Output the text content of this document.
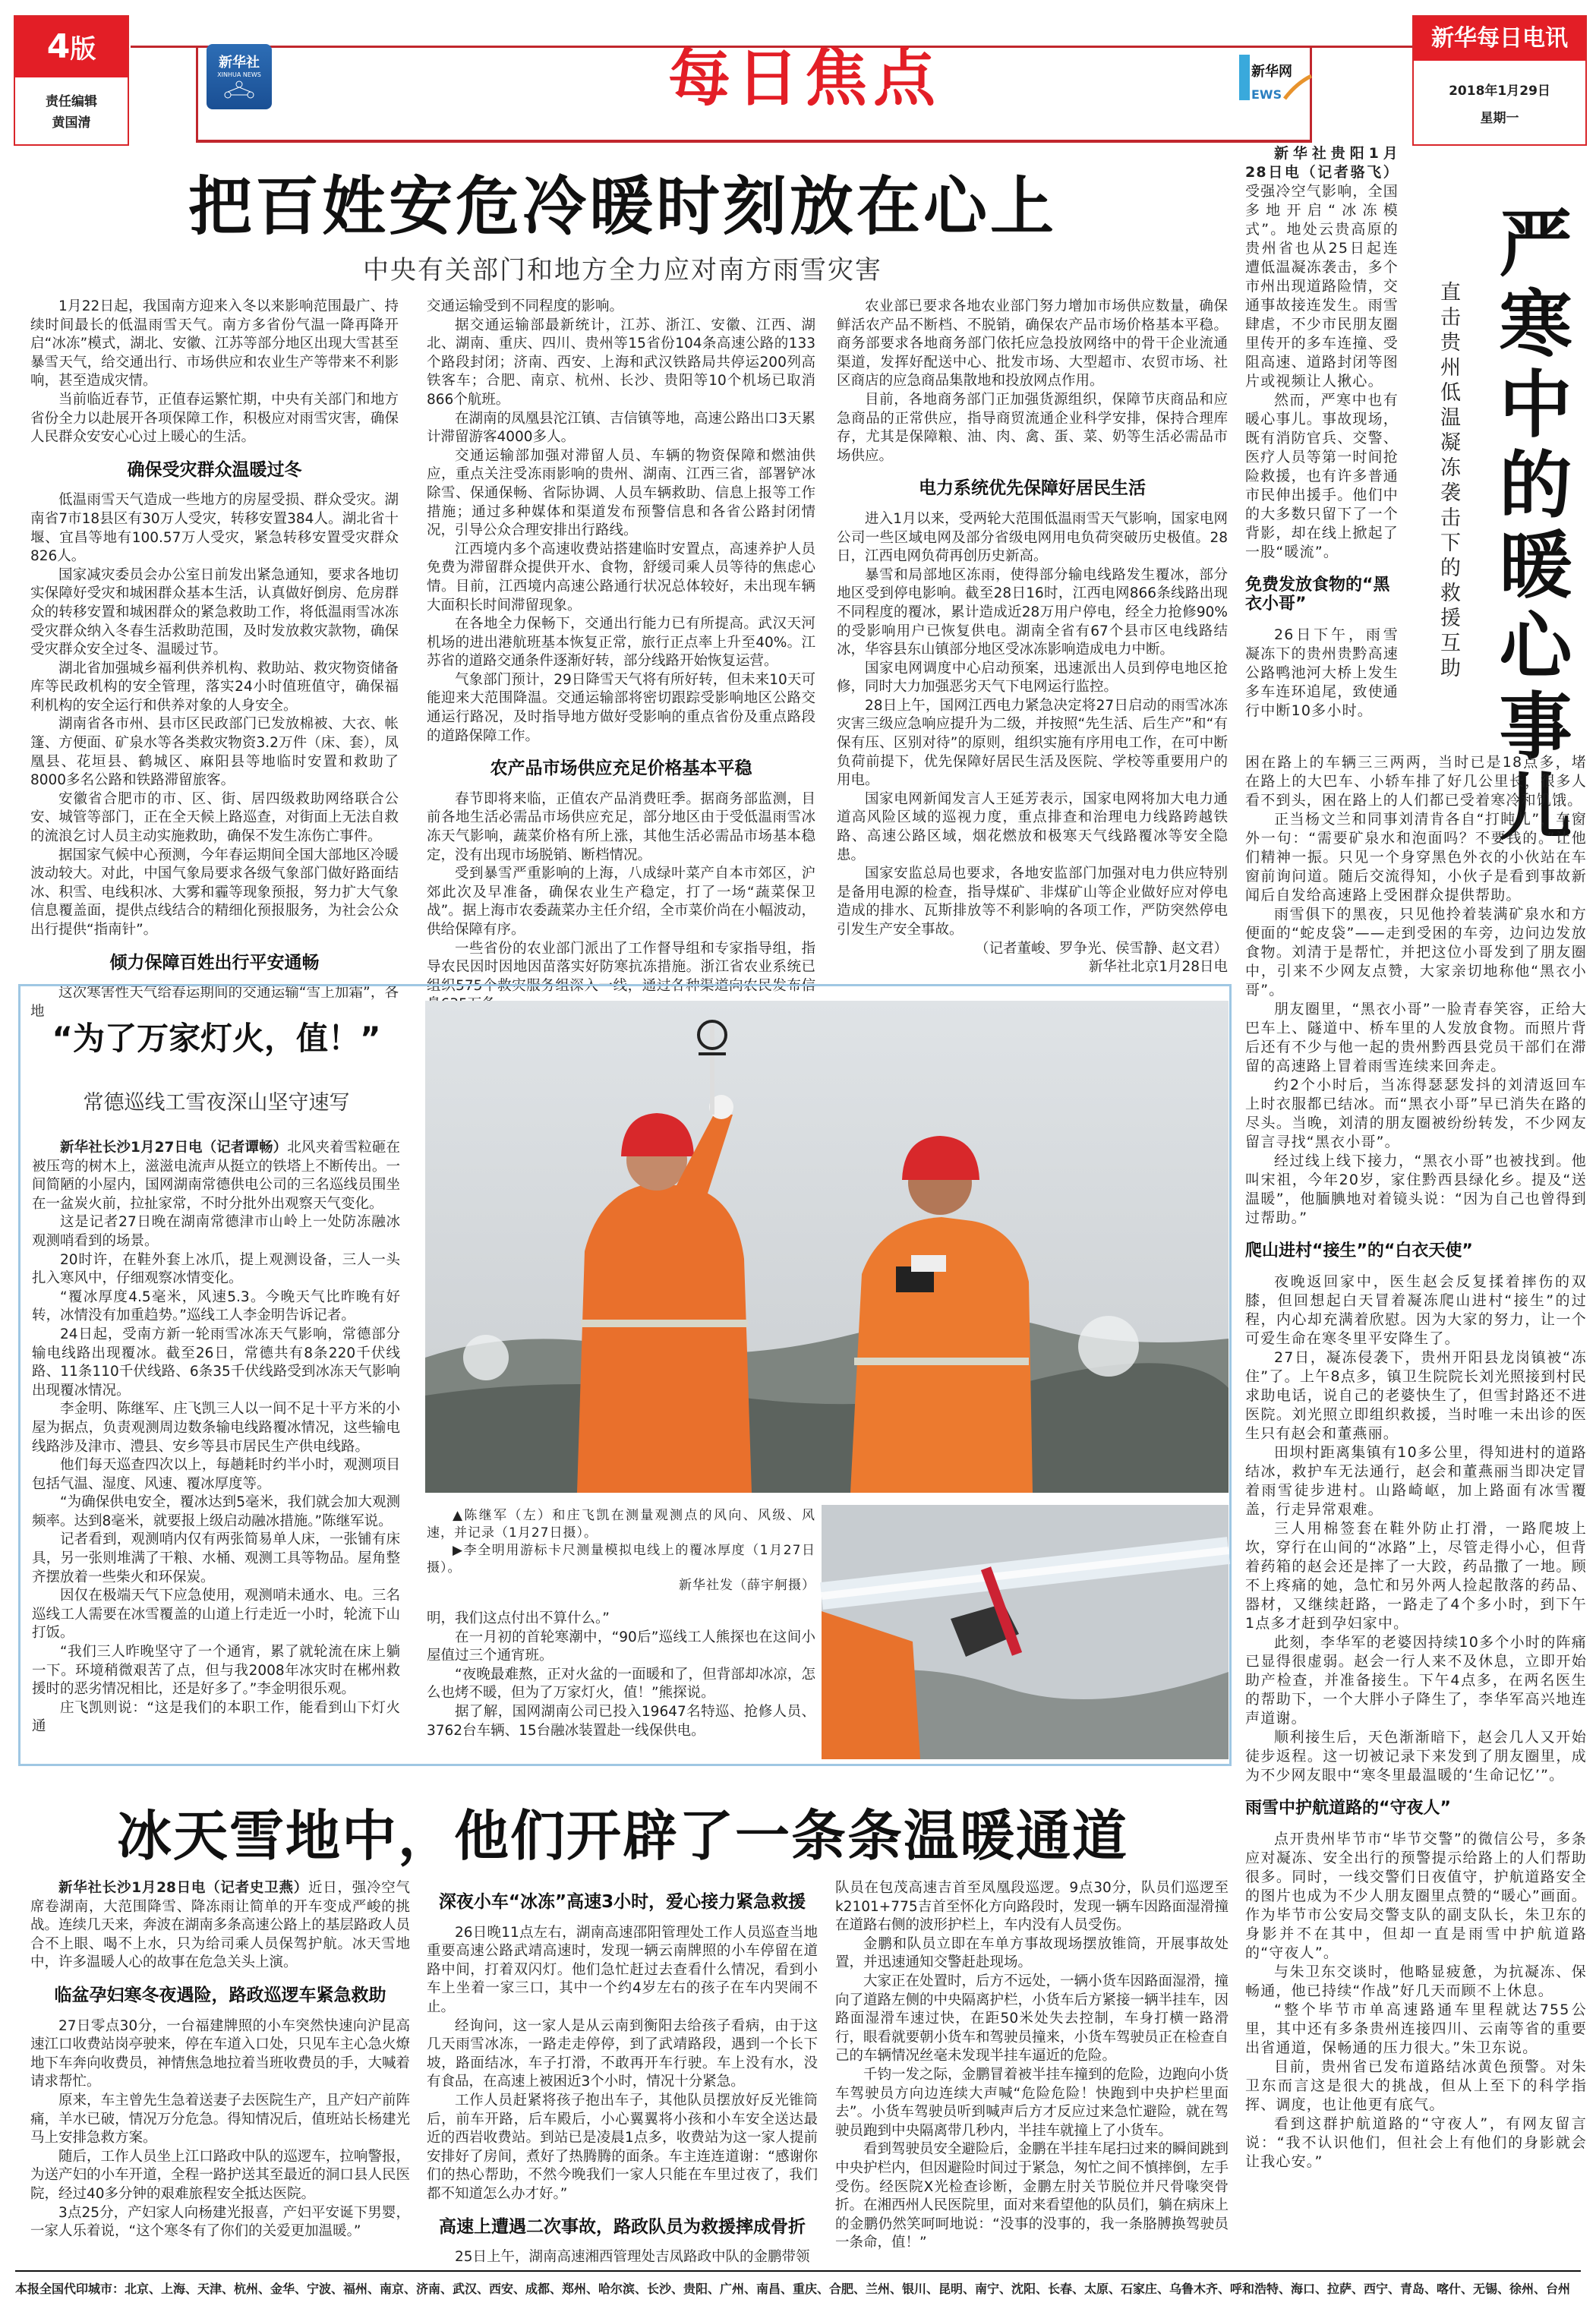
4版
责任编辑
黄国清
新华社
XINHUA NEWS	每日焦点	新华网
EWS
新华每日电讯
2018年1月29日
星期一
把百姓安危冷暖时刻放在心上
中央有关部门和地方全力应对南方雨雪灾害

1月22日起，我国南方迎来入冬以来影响范围最广、持续时间最长的低温雨雪天气。南方多省份气温一降再降开启“冰冻”模式，湖北、安徽、江苏等部分地区出现大雪甚至暴雪天气，给交通出行、市场供应和农业生产等带来不利影响，甚至造成灾情。

当前临近春节，正值春运繁忙期，中央有关部门和地方省份全力以赴展开各项保障工作，积极应对雨雪灾害，确保人民群众安安心心过上暖心的生活。

确保受灾群众温暖过冬

低温雨雪天气造成一些地方的房屋受损、群众受灾。湖南省7市18县区有30万人受灾，转移安置384人。湖北省十堰、宜昌等地有100.57万人受灾，紧急转移安置受灾群众826人。

国家减灾委员会办公室日前发出紧急通知，要求各地切实保障好受灾和城困群众基本生活，认真做好倒房、危房群众的转移安置和城困群众的紧急救助工作，将低温雨雪冰冻受灾群众纳入冬春生活救助范围，及时发放救灾款物，确保受灾群众安全过冬、温暖过节。

湖北省加强城乡福利供养机构、救助站、救灾物资储备库等民政机构的安全管理，落实24小时值班值守，确保福利机构的安全运行和供养对象的人身安全。

湖南省各市州、县市区民政部门已发放棉被、大衣、帐篷、方便面、矿泉水等各类救灾物资3.2万件（床、套），凤凰县、花垣县、鹤城区、麻阳县等地临时安置和救助了8000多名公路和铁路滞留旅客。

安徽省合肥市的市、区、街、居四级救助网络联合公安、城管等部门，正在全天候上路巡查，对街面上无法自救的流浪乞讨人员主动实施救助，确保不发生冻伤亡事件。

据国家气候中心预测，今年春运期间全国大部地区冷暖波动较大。对此，中国气象局要求各级气象部门做好路面结冰、积雪、电线积冰、大雾和霾等现象预报，努力扩大气象信息覆盖面，提供点线结合的精细化预报服务，为社会公众出行提供“指南针”。

倾力保障百姓出行平安通畅

这次寒害性天气给春运期间的交通运输“雪上加霜”，各地

交通运输受到不同程度的影响。

据交通运输部最新统计，江苏、浙江、安徽、江西、湖北、湖南、重庆、四川、贵州等15省份104条高速公路的133个路段封闭；济南、西安、上海和武汉铁路局共停运200列高铁客车；合肥、南京、杭州、长沙、贵阳等10个机场已取消866个航班。

在湖南的凤凰县沱江镇、吉信镇等地，高速公路出口3天累计滞留游客4000多人。

交通运输部加强对滞留人员、车辆的物资保障和燃油供应，重点关注受冻雨影响的贵州、湖南、江西三省，部署铲冰除雪、保通保畅、省际协调、人员车辆救助、信息上报等工作措施；通过多种媒体和渠道发布预警信息和各省公路封闭情况，引导公众合理安排出行路线。

江西境内多个高速收费站搭建临时安置点，高速养护人员免费为滞留群众提供开水、食物，舒缓司乘人员等待的焦虑心情。目前，江西境内高速公路通行状况总体较好，未出现车辆大面积长时间滞留现象。

在各地全力保畅下，交通出行能力已有所提高。武汉天河机场的进出港航班基本恢复正常，旅行正点率上升至40%。江苏省的道路交通条件逐渐好转，部分线路开始恢复运营。

气象部门预计，29日降雪天气将有所好转，但未来10天可能迎来大范围降温。交通运输部将密切跟踪受影响地区公路交通运行路况，及时指导地方做好受影响的重点省份及重点路段的道路保障工作。

农产品市场供应充足价格基本平稳

春节即将来临，正值农产品消费旺季。据商务部监测，目前各地生活必需品市场供应充足，部分地区由于受低温雨雪冰冻天气影响，蔬菜价格有所上涨，其他生活必需品市场基本稳定，没有出现市场脱销、断档情况。

受到暴雪严重影响的上海，八成绿叶菜产自本市郊区，沪郊此次及早准备，确保农业生产稳定，打了一场“蔬菜保卫战”。据上海市农委蔬菜办主任介绍，全市菜价尚在小幅波动，供给保障有序。

一些省份的农业部门派出了工作督导组和专家指导组，指导农民因时因地因苗落实好防寒抗冻措施。浙江省农业系统已组织575个救灾服务组深入一线，通过各种渠道向农民发布信

农业部已要求各地农业部门努力增加市场供应数量，确保鲜活农产品不断档、不脱销，确保农产品市场价格基本平稳。商务部要求各地商务部门依托应急投放网络中的骨干企业流通渠道，发挥好配送中心、批发市场、大型超市、农贸市场、社区商店的应急商品集散地和投放网点作用。

目前，各地商务部门正加强货源组织，保障节庆商品和应急商品的正常供应，指导商贸流通企业科学安排，保持合理库存，尤其是保障粮、油、肉、禽、蛋、菜、奶等生活必需品市场供应。

电力系统优先保障好居民生活

进入1月以来，受两轮大范围低温雨雪天气影响，国家电网公司一些区域电网及部分省级电网用电负荷突破历史极值。28日，江西电网负荷再创历史新高。

暴雪和局部地区冻雨，使得部分输电线路发生覆冰，部分地区受到停电影响。截至28日16时，江西电网866条线路出现不同程度的覆冰，累计造成近28万用户停电，经全力抢修90%的受影响用户已恢复供电。湖南全省有67个县市区电线路结冰，华容县东山镇部分地区受冰冻影响造成电力中断。

国家电网调度中心启动预案，迅速派出人员到停电地区抢修，同时大力加强恶劣天气下电网运行监控。

28日上午，国网江西电力紧急决定将27日启动的雨雪冰冻灾害三级应急响应提升为二级，并按照“先生活、后生产”和“有保有压、区别对待”的原则，组织实施有序用电工作，在可中断负荷前提下，优先保障好居民生活及医院、学校等重要用户的用电。

国家电网新闻发言人王延芳表示，国家电网将加大电力通道高风险区域的巡视力度，重点排查和治理电力线路跨越铁路、高速公路区域，烟花燃放和极寒天气线路覆冰等安全隐患。

国家安监总局也要求，各地安监部门加强对电力供应特别是备用电源的检查，指导煤矿、非煤矿山等企业做好应对停电造成的排水、瓦斯排放等不利影响的各项工作，严防突然停电引发生产安全事故。

（记者董峻、罗争光、侯雪静、赵文君）

新华社北京1月28日电

严寒中的暖心事儿
直击贵州低温凝冻袭击下的救援互助

新华社贵阳1月28日电（记者骆飞）受强冷空气影响，全国多地开启“冰冻模式”。地处云贵高原的贵州省也从25日起连遭低温凝冻袭击，多个市州出现道路险情，交通事故接连发生。雨雪肆虐，不少市民朋友圈里传开的多车连撞、受阻高速、道路封闭等图片或视频让人揪心。

然而，严寒中也有暖心事儿。事故现场，既有消防官兵、交警、医疗人员等第一时间抢险救援，也有许多普通市民伸出援手。他们中的大多数只留下了一个背影，却在线上掀起了一股“暖流”。

免费发放食物的“黑衣小哥”

26日下午，雨雪凝冻下的贵州贵黔高速公路鸭池河大桥上发生多车连环追尾，致使通行中断10多小时。

困在路上的车辆三三两两，当时已是18点多，堵在路上的大巴车、小轿车排了好几公里长，很多人看不到头，困在路上的人们都已受着寒冷和饥饿。

正当杨文兰和同事刘清肯各自“打盹儿”，车窗外一句：“需要矿泉水和泡面吗？不要钱的。”让他们精神一振。只见一个身穿黑色外衣的小伙站在车窗前询问道。随后交流得知，小伙子是看到事故新闻后自发给高速路上受困群众提供帮助。

雨雪俱下的黑夜，只见他拎着装满矿泉水和方便面的“蛇皮袋”——走到受困的车旁，边问边发放食物。刘清于是帮忙，并把这位小哥发到了朋友圈中，引来不少网友点赞，大家亲切地称他“黑衣小哥”。

朋友圈里，“黑衣小哥”一脸青春笑容，正给大巴车上、隧道中、桥车里的人发放食物。而照片背后还有不少与他一起的贵州黔西县党员干部们在滞留的高速路上冒着雨雪连续来回奔走。

约2个小时后，当冻得瑟瑟发抖的刘清返回车上时衣服都已结冰。而“黑衣小哥”早已消失在路的尽头。当晚，刘清的朋友圈被纷纷转发，不少网友留言寻找“黑衣小哥”。

经过线上线下接力，“黑衣小哥”也被找到。他叫宋祖，今年20岁，家住黔西县绿化乡。提及“送温暖”，他腼腆地对着镜头说：“因为自己也曾得到过帮助。”

爬山进村“接生”的“白衣天使”

夜晚返回家中，医生赵会反复揉着摔伤的双膝，但回想起白天冒着凝冻爬山进村“接生”的过程，内心却充满着欣慰。因为大家的努力，让一个可爱生命在寒冬里平安降生了。

27日，凝冻侵袭下，贵州开阳县龙岗镇被“冻住”了。上午8点多，镇卫生院院长刘光照接到村民求助电话，说自己的老婆快生了，但雪封路还不进医院。刘光照立即组织救援，当时唯一未出诊的医生只有赵会和董燕丽。

田坝村距离集镇有10多公里，得知进村的道路结冰，救护车无法通行，赵会和董燕丽当即决定冒着雨雪徒步进村。山路崎岖，加上路面有冰雪覆盖，行走异常艰难。

三人用棉签套在鞋外防止打滑，一路爬坡上坎，穿行在山间的“冰路”上，尽管走得小心，但背着药箱的赵会还是摔了一大跤，药品撒了一地。顾不上疼痛的她，急忙和另外两人捡起散落的药品、器材，又继续赶路，一路走了4个多小时，到下午1点多才赶到孕妇家中。

此刻，李华军的老婆因持续10多个小时的阵痛已显得很虚弱。赵会一行人来不及休息，立即开始助产检查，并准备接生。下午4点多，在两名医生的帮助下，一个大胖小子降生了，李华军高兴地连声道谢。

顺利接生后，天色渐渐暗下，赵会几人又开始徒步返程。这一切被记录下来发到了朋友圈里，成为不少网友眼中“寒冬里最温暖的‘生命记忆’”。

雨雪中护航道路的“守夜人”

点开贵州毕节市“毕节交警”的微信公号，多条应对凝冻、安全出行的预警提示给路上的人们帮助很多。同时，一线交警们日夜值守，护航道路安全的图片也成为不少人朋友圈里点赞的“暖心”画面。作为毕节市公安局交警支队的副支队长，朱卫东的身影并不在其中，但却一直是雨雪中护航道路的“守夜人”。

与朱卫东交谈时，他略显疲惫，为抗凝冻、保畅通，他已持续“作战”好几天而顾不上休息。

“整个毕节市单高速路通车里程就达755公里，其中还有多条贵州连接四川、云南等省的重要出省通道，保畅通的压力很大。”朱卫东说。

目前，贵州省已发布道路结冰黄色预警。对朱卫东而言这是很大的挑战，但从上至下的科学指挥、调度，也让他更有底气。

看到这群护航道路的“守夜人”，有网友留言说：“我不认识他们，但社会上有他们的身影就会让我心安。”

“为了万家灯火，值！”
常德巡线工雪夜深山坚守速写

新华社长沙1月27日电（记者谭畅）北风夹着雪粒砸在被压弯的树木上，滋滋电流声从挺立的铁塔上不断传出。一间简陋的小屋内，国网湖南常德供电公司的三名巡线员围坐在一盆炭火前，拉扯家常，不时分批外出观察天气变化。

这是记者27日晚在湖南常德津市山岭上一处防冻融冰观测哨看到的场景。

20时许，在鞋外套上冰爪，提上观测设备，三人一头扎入寒风中，仔细观察冰情变化。

“覆冰厚度4.5毫米，风速5.3。今晚天气比昨晚有好转，冰情没有加重趋势。”巡线工人李金明告诉记者。

24日起，受南方新一轮雨雪冰冻天气影响，常德部分输电线路出现覆冰。截至26日，常德共有8条220千伏线路、11条110千伏线路、6条35千伏线路受到冰冻天气影响出现覆冰情况。

李金明、陈继军、庄飞凯三人以一间不足十平方米的小屋为据点，负责观测周边数条输电线路覆冰情况，这些输电线路涉及津市、澧县、安乡等县市居民生产供电线路。

他们每天巡查四次以上，每趟耗时约半小时，观测项目包括气温、湿度、风速、覆冰厚度等。

“为确保供电安全，覆冰达到5毫米，我们就会加大观测频率。达到8毫米，就要报上级启动融冰措施。”陈继军说。

记者看到，观测哨内仅有两张简易单人床，一张铺有床具，另一张则堆满了干粮、水桶、观测工具等物品。屋角整齐摆放着一些柴火和环保炭。

因仅在极端天气下应急使用，观测哨未通水、电。三名巡线工人需要在冰雪覆盖的山道上行走近一小时，轮流下山打饭。

“我们三人昨晚坚守了一个通宵，累了就轮流在床上躺一下。环境稍微艰苦了点，但与我2008年冰灾时在郴州救援时的恶劣情况相比，还是好多了。”李金明很乐观。

庄飞凯则说：“这是我们的本职工作，能看到山下灯火通

▲陈继军（左）和庄飞凯在测量观测点的风向、风级、风速，并记录（1月27日摄）。

▶李全明用游标卡尺测量模拟电线上的覆冰厚度（1月27日摄）。

新华社发（薛宇舸摄）

明，我们这点付出不算什么。”

在一月初的首轮寒潮中，“90后”巡线工人熊探也在这间小屋值过三个通宵班。

“夜晚最难熬，正对火盆的一面暖和了，但背部却冰凉，怎么也烤不暖，但为了万家灯火，值！”熊探说。

据了解，国网湖南公司已投入19647名特巡、抢修人员、3762台车辆、15台融冰装置赴一线保供电。

冰天雪地中，他们开辟了一条条温暖通道

新华社长沙1月28日电（记者史卫燕）近日，强冷空气席卷湖南，大范围降雪、降冻雨让简单的开车变成严峻的挑战。连续几天来，奔波在湖南多条高速公路上的基层路政人员合不上眼、喝不上水，只为给司乘人员保驾护航。冰天雪地中，许多温暖人心的故事在危急关头上演。

临盆孕妇寒冬夜遇险，路政巡逻车紧急救助

27日零点30分，一台福建牌照的小车突然快速向沪昆高速江口收费站岗亭驶来，停在车道入口处，只见车主心急火燎地下车奔向收费员，神情焦急地拉着当班收费员的手，大喊着请求帮忙。

原来，车主曾先生急着送妻子去医院生产，且产妇产前阵痛，羊水已破，情况万分危急。得知情况后，值班站长杨建光马上安排急救方案。

随后，工作人员坐上江口路政中队的巡逻车，拉响警报，为送产妇的小车开道，全程一路护送其至最近的洞口县人民医院，经过40多分钟的艰难旅程安全抵达医院。

3点25分，产妇家人向杨建光报喜，产妇平安诞下男婴，一家人乐着说，“这个寒冬有了你们的关爱更加温暖。”

深夜小车“冰冻”高速3小时，爱心接力紧急救援

26日晚11点左右，湖南高速邵阳管理处工作人员巡查当地重要高速公路武靖高速时，发现一辆云南牌照的小车停留在道路中间，打着双闪灯。他们急忙赶过去查看什么情况，看到小车上坐着一家三口，其中一个约4岁左右的孩子在车内哭闹不止。

经询问，这一家人是从云南到衡阳去给孩子看病，由于这几天雨雪冰冻，一路走走停停，到了武靖路段，遇到一个长下坡，路面结冰，车子打滑，不敢再开车行驶。车上没有水，没有食品，在高速上被困近3个小时，情况十分紧急。

工作人员赶紧将孩子抱出车子，其他队员摆放好反光锥筒后，前车开路，后车殿后，小心翼翼将小孩和小车安全送达最近的西岩收费站。到站已是凌晨1点多，收费站为这一家人提前安排好了房间，煮好了热腾腾的面条。车主连连道谢：“感谢你们的热心帮助，不然今晚我们一家人只能在车里过夜了，我们都不知道怎么办才好。”

高速上遭遇二次事故，路政队员为救援摔成骨折

25日上午，湖南高速湘西管理处吉凤路政中队的金鹏带领

队员在包茂高速吉首至凤凰段巡逻。9点30分，队员们巡逻至k2101+775吉首至怀化方向路段时，发现一辆车因路面湿滑撞在道路右侧的波形护栏上，车内没有人员受伤。

金鹏和队员立即在车单方事故现场摆放锥筒，开展事故处置，并迅速通知交警赶赴现场。

大家正在处置时，后方不远处，一辆小货车因路面湿滑，撞向了道路左侧的中央隔离护栏，小货车后方紧接一辆半挂车，因路面湿滑车速过快，在距50米处失去控制，车身打横一路滑行，眼看就要朝小货车和驾驶员撞来，小货车驾驶员正在检查自己的车辆情况丝毫未发现半挂车逼近的危险。

千钧一发之际，金鹏冒着被半挂车撞到的危险，边跑向小货车驾驶员方向边连续大声喊“危险危险！快跑到中央护栏里面去”。小货车驾驶员听到喊声后方才反应过来急忙避险，就在驾驶员跑到中央隔离带几秒内，半挂车就撞上了小货车。

看到驾驶员安全避险后，金鹏在半挂车尾扫过来的瞬间跳到中央护栏内，但因避险时间过于紧急，匆忙之间不慎摔倒，左手受伤。经医院X光检查诊断，金鹏左肘关节脱位并尺骨喙突骨折。在湘西州人民医院里，面对来看望他的队员们，躺在病床上的金鹏仍然笑呵呵地说：“没事的没事的，我一条胳膊换驾驶员一条命，值！”

本报全国代印城市：北京、上海、天津、杭州、金华、宁波、福州、南京、济南、武汉、西安、成都、郑州、哈尔滨、长沙、贵阳、广州、南昌、重庆、合肥、兰州、银川、昆明、南宁、沈阳、长春、太原、石家庄、乌鲁木齐、呼和浩特、海口、拉萨、西宁、青岛、喀什、无锡、徐州、台州
